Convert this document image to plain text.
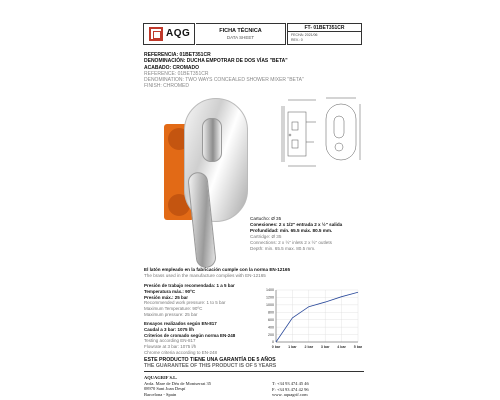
AQG	FICHA TÉCNICA
DATA SHEET
FT- 01BET351CR
FECHA: 2021/06
REV.: 0
REFERENCIA: 01BET351CR
DENOMINACIÓN: DUCHA EMPOTRAR DE DOS VÍAS "BETA"
ACABADO: CROMADO
REFERENCE: 01BET351CR
DENOMINATION: TWO WAYS CONCEALED SHOWER MIXER "BETA"
FINISH: CHROMED
Cartucho: Ø 35
Conexiones: 2 x 1/2" entrada 2 x ½" salida
Profundidad: mín. 65.5 máx. 80.5 mm.
Cartridge: Ø 35
Connections: 2 x ½" inlets 2 x ½" outlets
Depth: min. 65.5 max. 80.5 mm.
El latón empleado en la fabricación cumple con la norma EN-12165
The brass used in the manufacture complies with EN-12165
Presión de trabajo recomendada: 1 a 5 bar
Temperatura máx.: 90ºC
Presión máx.: 25 bar
Recommended work pressure: 1 to 5 bar
Maximum Temperature: 90ºC
Maximum pressure: 25 bar
Ensayos realizados según EN-817
Caudal a 3 bar: 1075 l/h
Criterios de cromado según norma EN-248
Testing according EN-817
Flowrate at 3 bar: 1075 l/h
Chrome criteria according to EN-248
0
200
400
600
800
1000
1200
1400
0 bar 1 bar 2 bar 3 bar 4 bar 5 bar
ESTE PRODUCTO TIENE UNA GARANTÍA DE 5 AÑOS
THE GUARANTEE OF THIS PRODUCT IS OF 5 YEARS
AQUAGRIF S.L.
Avda. Mare de Déu de Montserrat 35
08970 Sant Joan Despí
Barcelona - Spain
T: +34 93 474 45 46
F: +34 93 474 42 96
www. aquagrif.com
